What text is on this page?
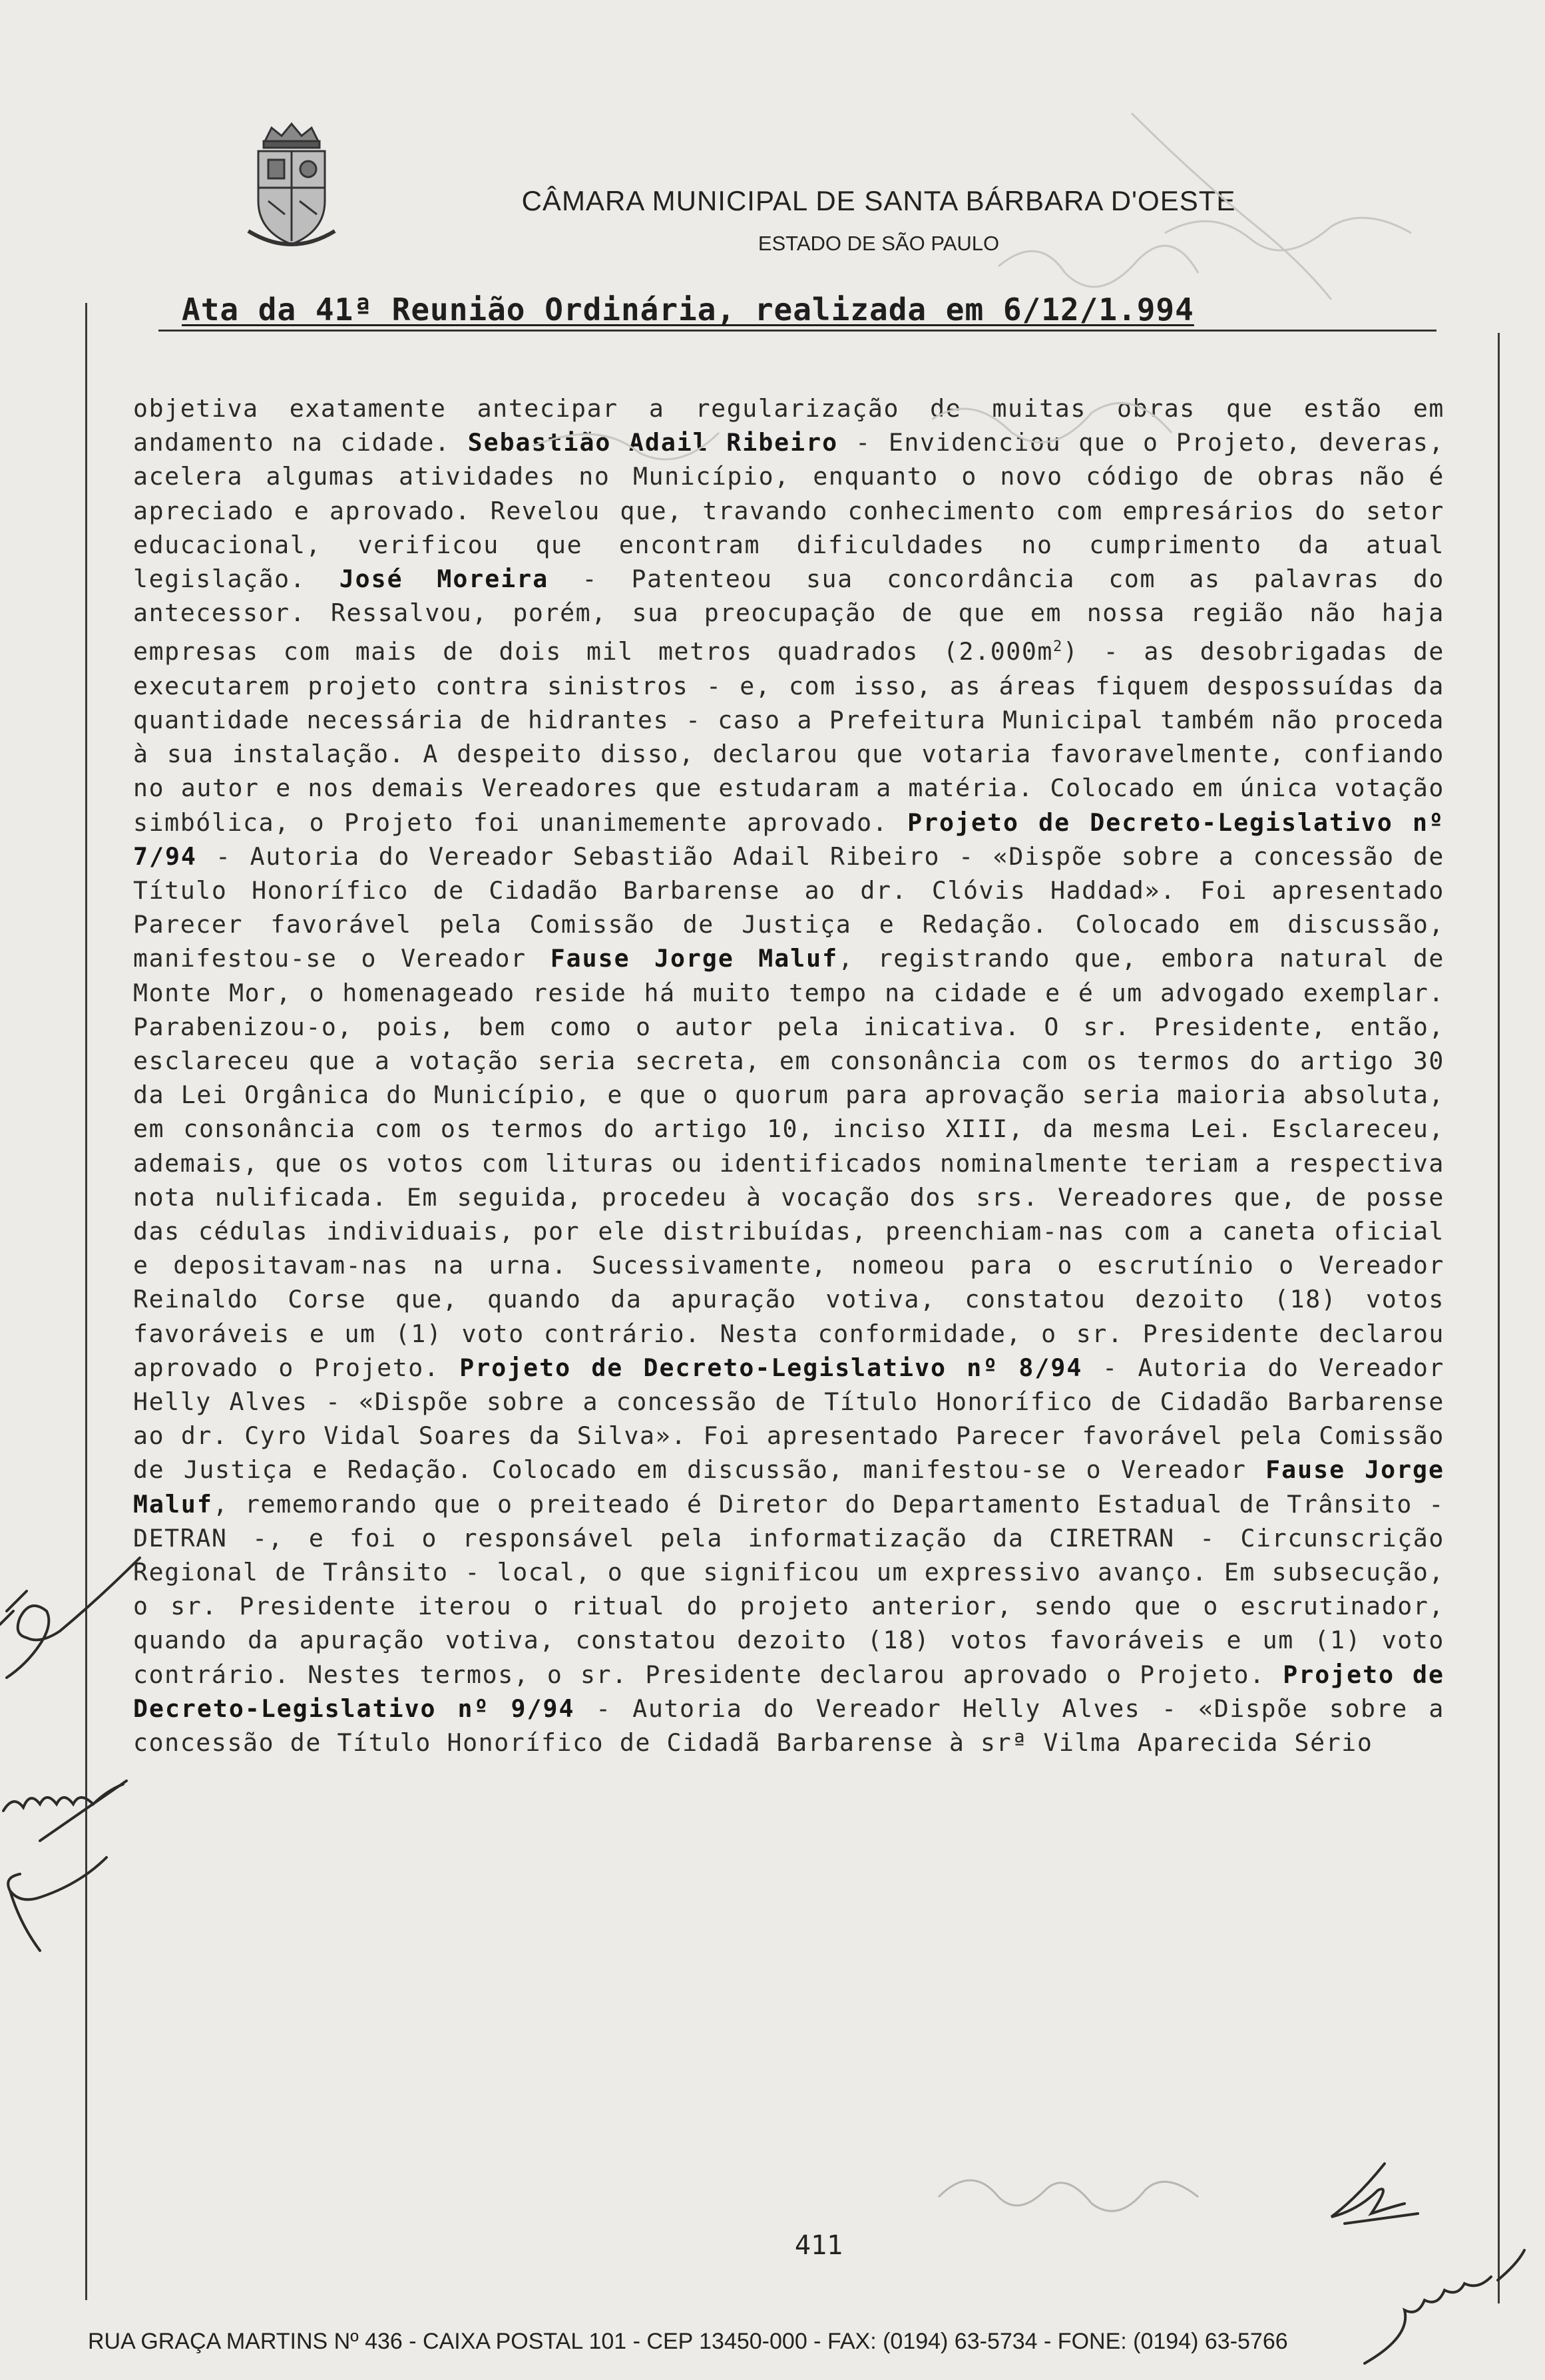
CÂMARA MUNICIPAL DE SANTA BÁRBARA D'OESTE
ESTADO DE SÃO PAULO
Ata da 41ª Reunião Ordinária, realizada em 6/12/1.994
objetiva exatamente antecipar a regularização de muitas obras que estão em andamento na cidade. Sebastião Adail Ribeiro - Envidenciou que o Projeto, deveras, acelera algumas atividades no Município, enquanto o novo código de obras não é apreciado e aprovado. Revelou que, travando conhecimento com empresários do setor educacional, verificou que encontram dificuldades no cumprimento da atual legislação. José Moreira - Patenteou sua concordância com as palavras do antecessor. Ressalvou, porém, sua preocupação de que em nossa região não haja empresas com mais de dois mil metros quadrados $(2.000m^2)$ - as desobrigadas de executarem projeto contra sinistros - e, com isso, as áreas fiquem despossuídas da quantidade necessária de hidrantes - caso a Prefeitura Municipal também não proceda à sua instalação. A despeito disso, declarou que votaria favoravelmente, confiando no autor e nos demais Vereadores que estudaram a matéria. Colocado em única votação simbólica, o Projeto foi unanimemente aprovado. Projeto de Decreto-Legislativo nº 7/94 - Autoria do Vereador Sebastião Adail Ribeiro - «Dispõe sobre a concessão de Título Honorífico de Cidadão Barbarense ao dr. Clóvis Haddad». Foi apresentado Parecer favorável pela Comissão de Justiça e Redação. Colocado em discussão, manifestou-se o Vereador Fause Jorge Maluf, registrando que, embora natural de Monte Mor, o homenageado reside há muito tempo na cidade e é um advogado exemplar. Parabenizou-o, pois, bem como o autor pela inicativa. O sr. Presidente, então, esclareceu que a votação seria secreta, em consonância com os termos do artigo 30 da Lei Orgânica do Município, e que o quorum para aprovação seria maioria absoluta, em consonância com os termos do artigo 10, inciso XIII, da mesma Lei. Esclareceu, ademais, que os votos com lituras ou identificados nominalmente teriam a respectiva nota nulificada. Em seguida, procedeu à vocação dos srs. Vereadores que, de posse das cédulas individuais, por ele distribuídas, preenchiam-nas com a caneta oficial e depositavam-nas na urna. Sucessivamente, nomeou para o escrutínio o Vereador Reinaldo Corse que, quando da apuração votiva, constatou dezoito (18) votos favoráveis e um (1) voto contrário. Nesta conformidade, o sr. Presidente declarou aprovado o Projeto. Projeto de Decreto-Legislativo nº 8/94 - Autoria do Vereador Helly Alves - «Dispõe sobre a concessão de Título Honorífico de Cidadão Barbarense ao dr. Cyro Vidal Soares da Silva». Foi apresentado Parecer favorável pela Comissão de Justiça e Redação. Colocado em discussão, manifestou-se o Vereador Fause Jorge Maluf, rememorando que o preiteado é Diretor do Departamento Estadual de Trânsito - DETRAN -, e foi o responsável pela informatização da CIRETRAN - Circunscrição Regional de Trânsito - local, o que significou um expressivo avanço. Em subsecução, o sr. Presidente iterou o ritual do projeto anterior, sendo que o escrutinador, quando da apuração votiva, constatou dezoito (18) votos favoráveis e um (1) voto contrário. Nestes termos, o sr. Presidente declarou aprovado o Projeto. Projeto de Decreto-Legislativo nº 9/94 - Autoria do Vereador Helly Alves - «Dispõe sobre a concessão de Título Honorífico de Cidadã Barbarense à srª Vilma Aparecida Sério
411
RUA GRAÇA MARTINS Nº 436 - CAIXA POSTAL 101 - CEP 13450-000 - FAX: (0194) 63-5734 - FONE: (0194) 63-5766
